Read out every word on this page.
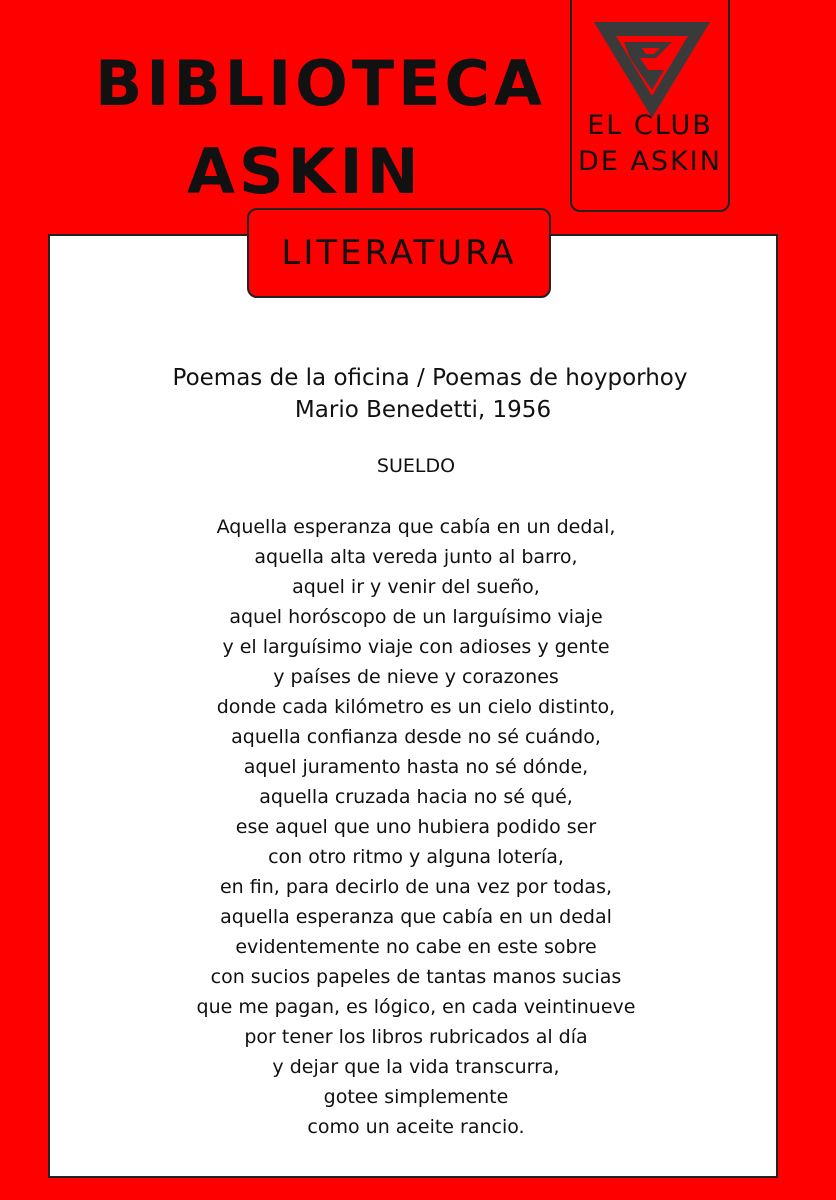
BIBLIOTECA
ASKIN
EL CLUB
DE ASKIN
LITERATURA
Poemas de la oficina / Poemas de hoyporhoy
Mario Benedetti, 1956
SUELDO
Aquella esperanza que cabía en un dedal,
aquella alta vereda junto al barro,
aquel ir y venir del sueño,
aquel horóscopo de un larguísimo viaje
y el larguísimo viaje con adioses y gente
y países de nieve y corazones
donde cada kilómetro es un cielo distinto,
aquella confianza desde no sé cuándo,
aquel juramento hasta no sé dónde,
aquella cruzada hacia no sé qué,
ese aquel que uno hubiera podido ser
con otro ritmo y alguna lotería,
en fin, para decirlo de una vez por todas,
aquella esperanza que cabía en un dedal
evidentemente no cabe en este sobre
con sucios papeles de tantas manos sucias
que me pagan, es lógico, en cada veintinueve
por tener los libros rubricados al día
y dejar que la vida transcurra,
gotee simplemente
como un aceite rancio.
